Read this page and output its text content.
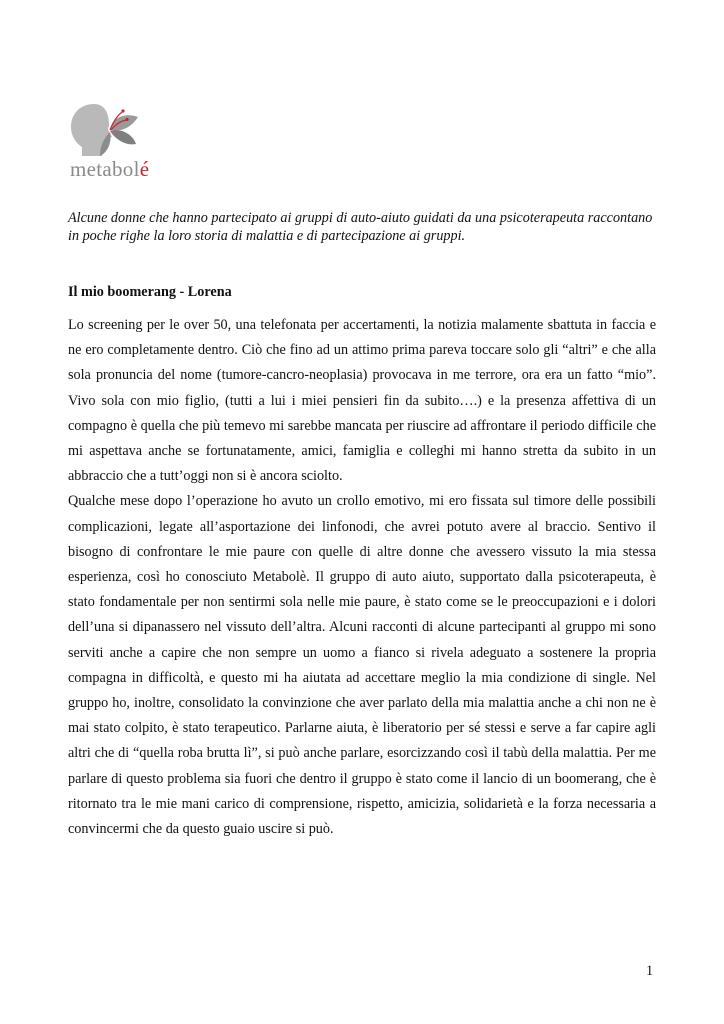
metabolé

Alcune donne che hanno partecipato ai gruppi di auto-aiuto guidati da una psicoterapeuta raccontano in poche righe la loro storia di malattia e di partecipazione ai gruppi.

Il mio boomerang - Lorena

Lo screening per le over 50, una telefonata per accertamenti, la notizia malamente sbattuta in faccia e ne ero completamente dentro. Ciò che fino ad un attimo prima pareva toccare solo gli “altri” e che alla sola pronuncia del nome (tumore-cancro-neoplasia) provocava in me terrore, ora era un fatto “mio”. Vivo sola con mio figlio, (tutti a lui i miei pensieri fin da subito….) e la presenza affettiva di un compagno è quella che più temevo mi sarebbe mancata per riuscire ad affrontare il periodo difficile che mi aspettava anche se fortunatamente, amici, famiglia e colleghi mi hanno stretta da subito in un abbraccio che a tutt’oggi non si è ancora sciolto.

Qualche mese dopo l’operazione ho avuto un crollo emotivo, mi ero fissata sul timore delle possibili complicazioni, legate all’asportazione dei linfonodi, che avrei potuto avere al braccio. Sentivo il bisogno di confrontare le mie paure con quelle di altre donne che avessero vissuto la mia stessa esperienza, così ho conosciuto Metabolè. Il gruppo di auto aiuto, supportato dalla psicoterapeuta, è stato fondamentale per non sentirmi sola nelle mie paure, è stato come se le preoccupazioni e i dolori dell’una si dipanassero nel vissuto dell’altra. Alcuni racconti di alcune partecipanti al gruppo mi sono serviti anche a capire che non sempre un uomo a fianco si rivela adeguato a sostenere la propria compagna in difficoltà, e questo mi ha aiutata ad accettare meglio la mia condizione di single. Nel gruppo ho, inoltre, consolidato la convinzione che aver parlato della mia malattia anche a chi non ne è mai stato colpito, è stato terapeutico. Parlarne aiuta, è liberatorio per sé stessi e serve a far capire agli altri che di “quella roba brutta lì”, si può anche parlare, esorcizzando così il tabù della malattia. Per me parlare di questo problema sia fuori che dentro il gruppo è stato come il lancio di un boomerang, che è ritornato tra le mie mani carico di comprensione, rispetto, amicizia, solidarietà e la forza necessaria a convincermi che da questo guaio uscire si può.

1
